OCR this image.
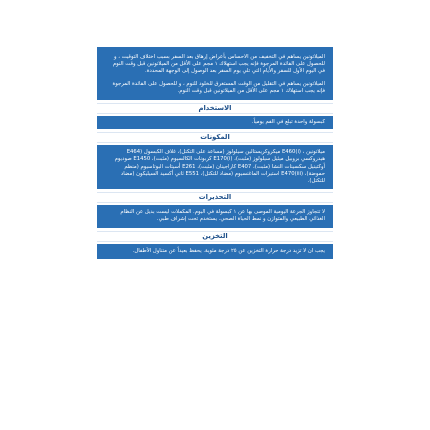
الميلاتونين يساهم في التخفيف من الاحساس بأعراض إرهاق بعد السفر بسبب اختلاف التوقيت ، و للحصول على الفائدة المرجوة فإنه يجب استهلاك ١ مجم على الأقل من الميلاتونين قبل وقت النوم في اليوم الأول للسفر والأيام التي تلي يوم السفر بعد الوصول إلى الوجهة المحددة.

الميلاتونين يساهم في التقليل من الوقت المستغرق للخلود للنوم ، و للحصول على الفائدة المرجوة فإنه يجب استهلاك ١ مجم على الأقل من الميلاتونين قبل وقت النوم.

الاستخدام

كبسولة واحدة تبلع في الفم يومياً.

المكونات

ميلاتونين ، E460(i) ميكروكريستالين سيلولوز (مساعد على التكتل)، غلاف الكبسول (E464 هيدروكسي بروبيل ميثيل سيلولوز (مثبت)، E170(i) كربونات الكالسيوم (مثبت)، E1450 صوديوم أوكتينيل سكسينات النشا (مثبت)، E407 كاراجينان (مثبت)، E261 أسيتات البوتاسيوم (منظم حموضة)، E470(iii) استيرات الماغنسيوم (مضاد للتكتل)، E551 ثاني أكسيد السيليكون (مضاد للتكتل).

التحذيرات

لا تتجاوز الجرعة اليومية الموصى بها عن ١ كبسولة في اليوم. المكملات ليست بديل عن النظام الغذائي الطبيعي والمتوازن و نمط الحياة الصحي. يستخدم تحت إشراف طبي.

التخزين

يجب ان لا تزيد درجة حرارة التخزين عن ٢٥ درجة مئوية. يحفظ بعيداً عن متناول الأطفال.
